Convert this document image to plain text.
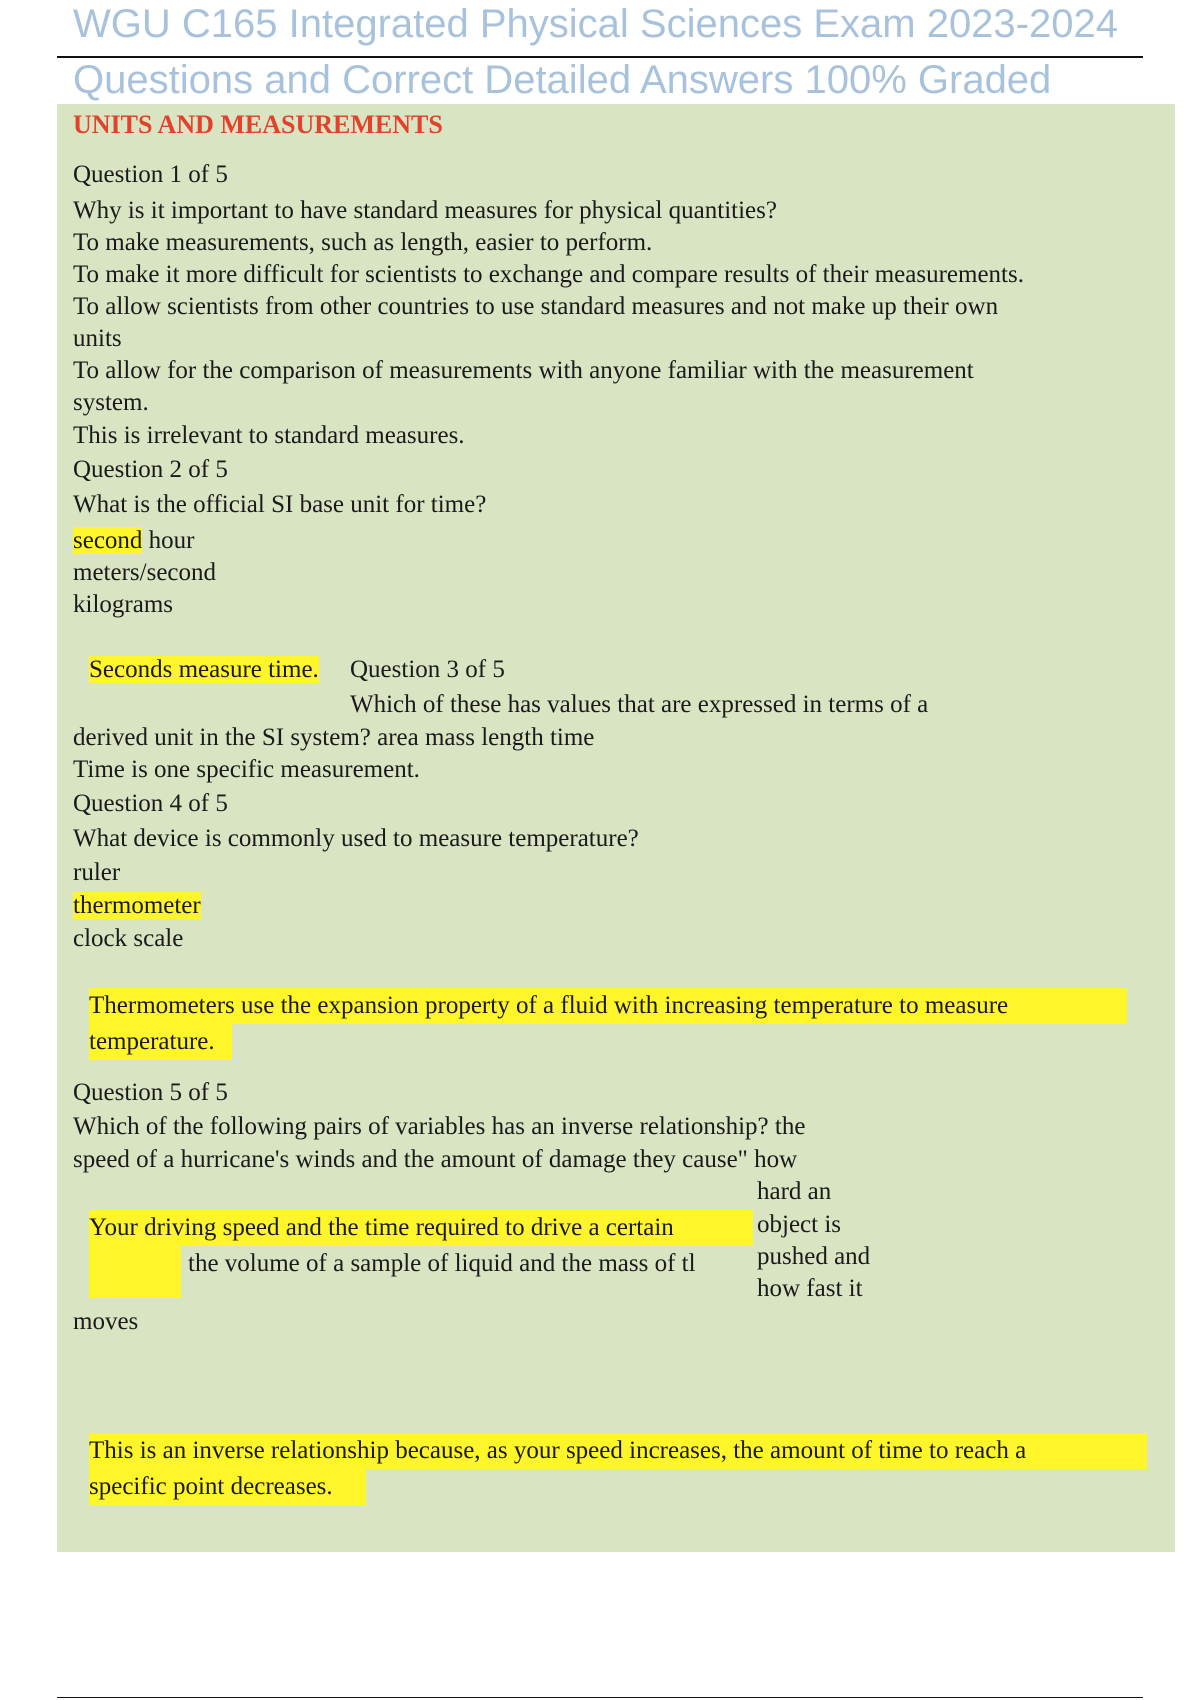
WGU C165 Integrated Physical Sciences Exam 2023-2024
Questions and Correct Detailed Answers 100% Graded
UNITS AND MEASUREMENTS
Question 1 of 5
Why is it important to have standard measures for physical quantities?
To make measurements, such as length, easier to perform.
To make it more difficult for scientists to exchange and compare results of their measurements.
To allow scientists from other countries to use standard measures and not make up their own
units
To allow for the comparison of measurements with anyone familiar with the measurement
system.
This is irrelevant to standard measures.
Question 2 of 5
What is the official SI base unit for time?
second hour
meters/second
kilograms
Seconds measure time. Question 3 of 5
Which of these has values that are expressed in terms of a
derived unit in the SI system? area mass length time
Time is one specific measurement.
Question 4 of 5
What device is commonly used to measure temperature?
ruler
thermometer
clock scale
Thermometers use the expansion property of a fluid with increasing temperature to measure
temperature.
Question 5 of 5
Which of the following pairs of variables has an inverse relationship? the
speed of a hurricane's winds and the amount of damage they cause" how
Your driving speed and the time required to drive a certain
the volume of a sample of liquid and the mass of tl
hard an
object is
pushed and
how fast it
moves
This is an inverse relationship because, as your speed increases, the amount of time to reach a
specific point decreases.
